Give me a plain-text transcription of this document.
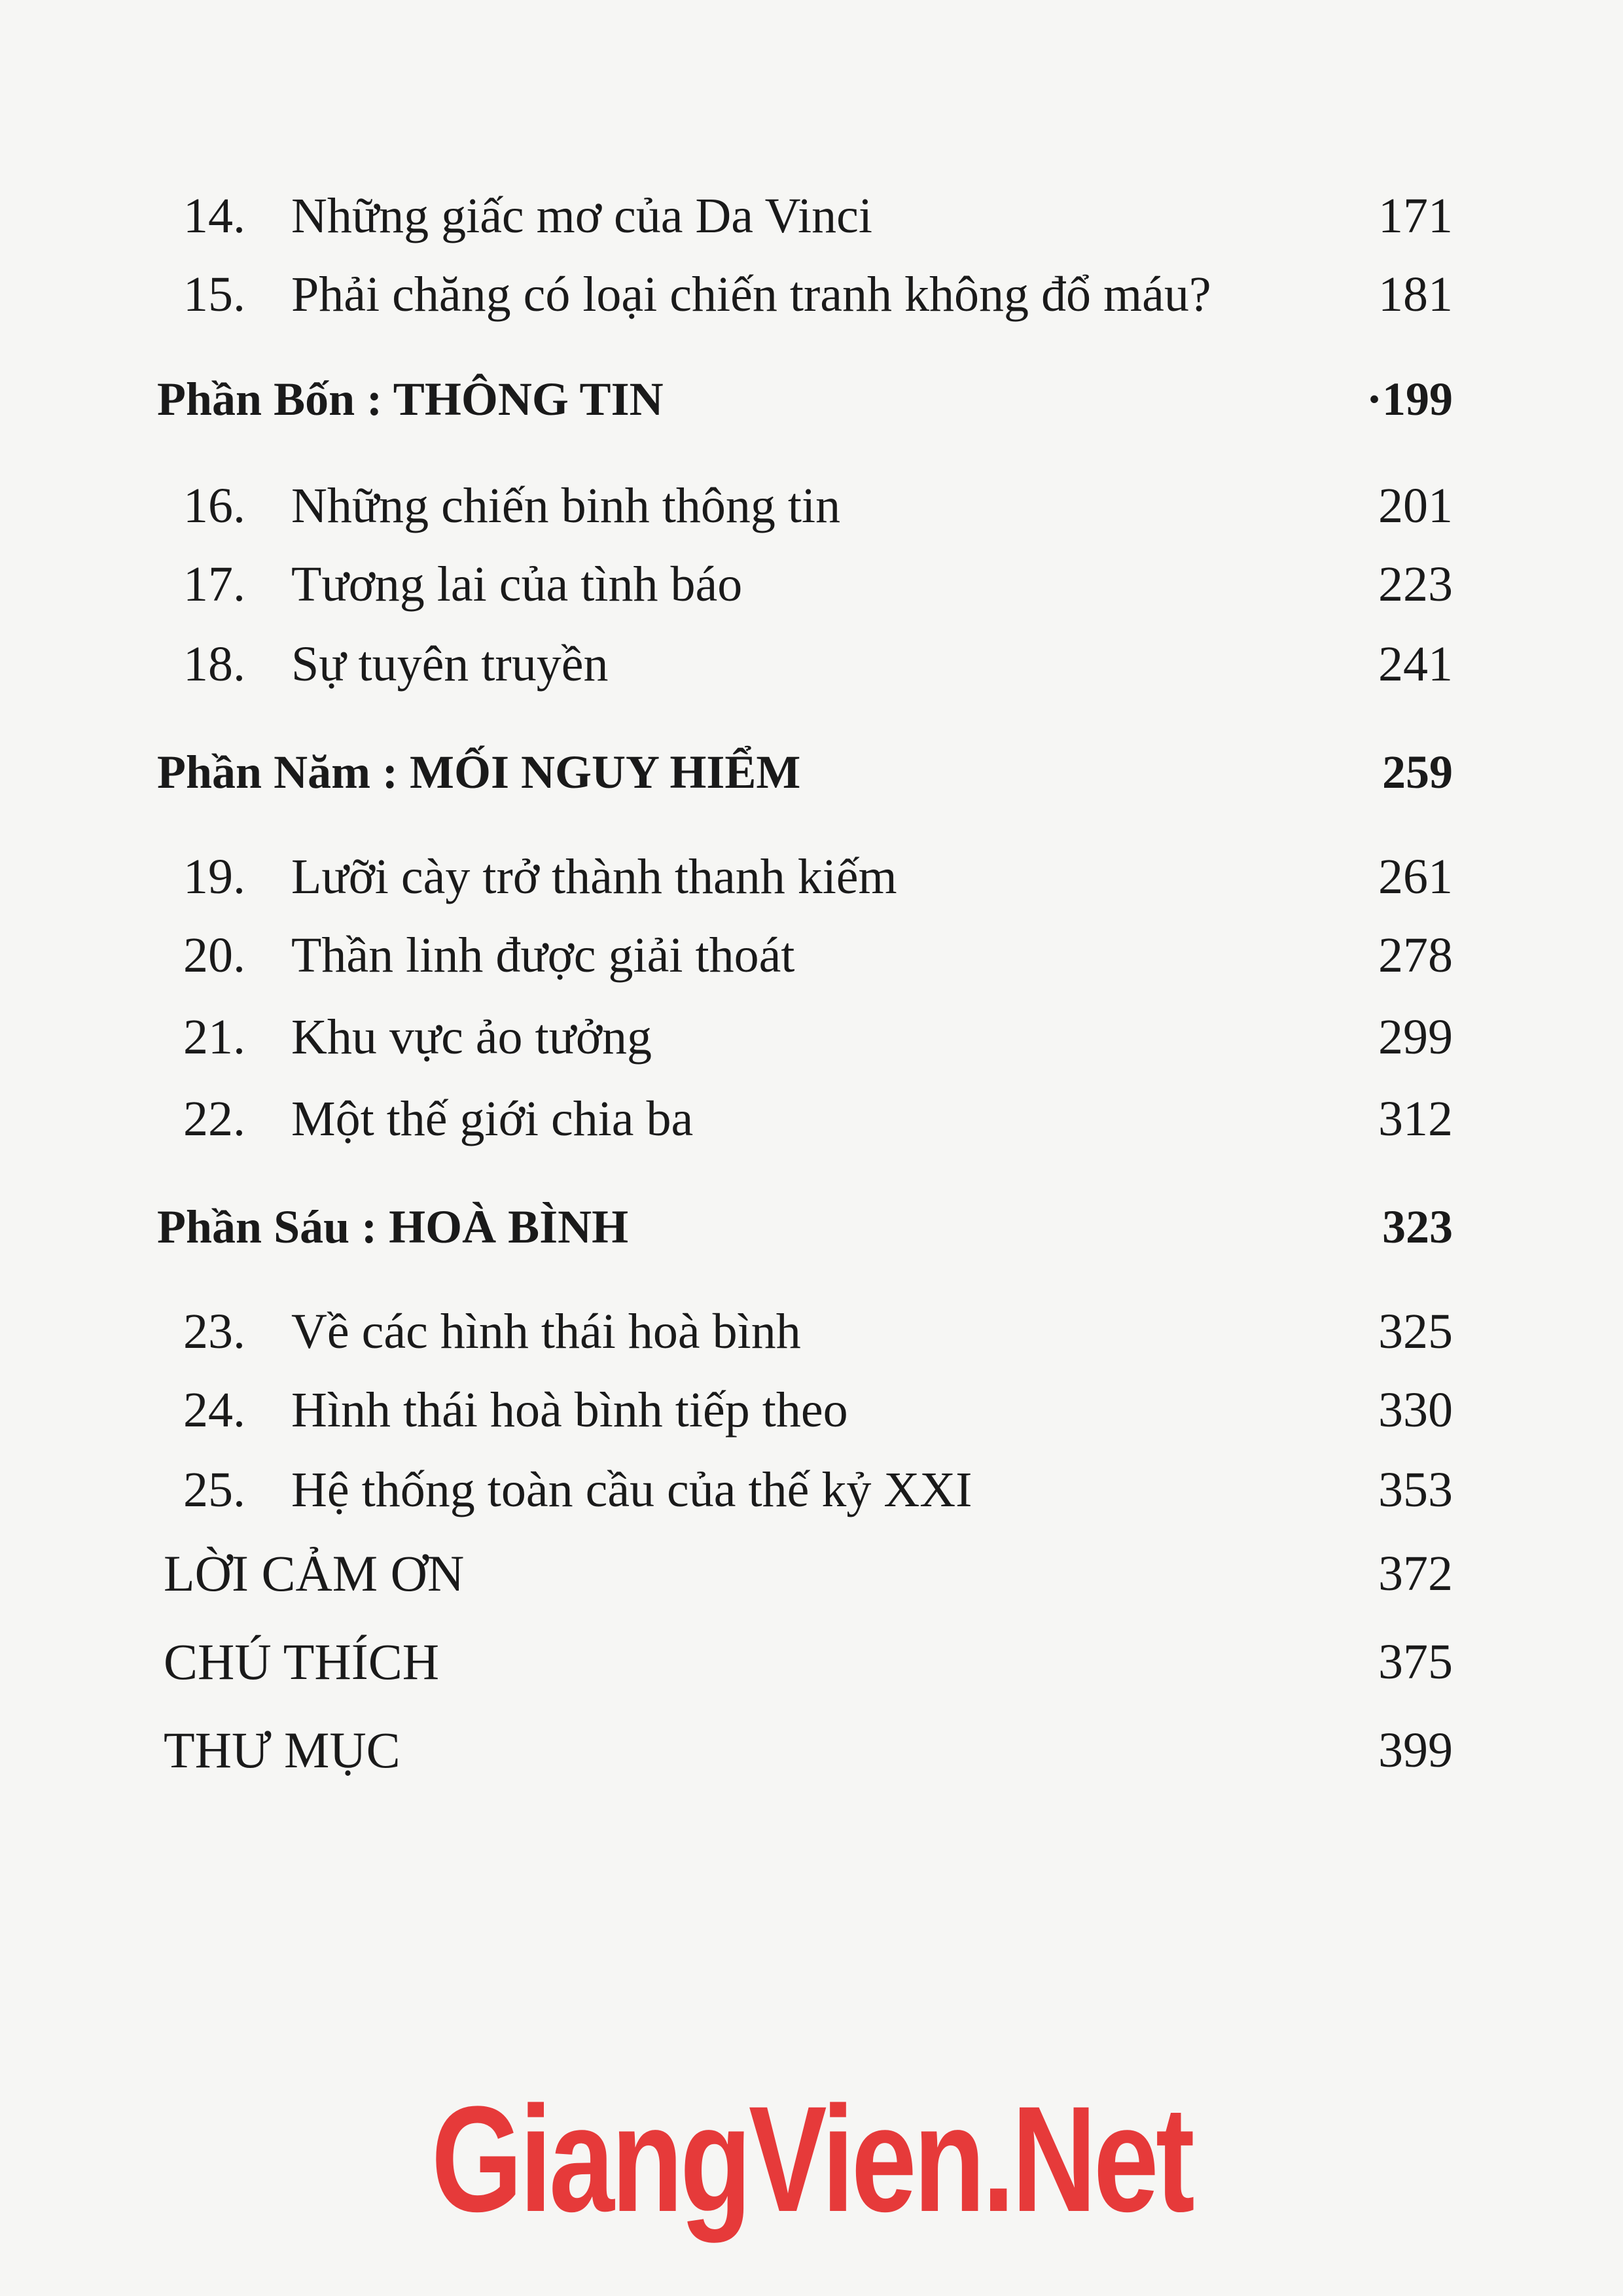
14. Những giấc mơ của Da Vinci	171
15. Phải chăng có loại chiến tranh không đổ máu?	181
Phần Bốn : THÔNG TIN	·199
16. Những chiến binh thông tin	201
17. Tương lai của tình báo	223
18. Sự tuyên truyền	241
Phần Năm : MỐI NGUY HIỂM	259
19. Lưỡi cày trở thành thanh kiếm	261
20. Thần linh được giải thoát	278
21. Khu vực ảo tưởng	299
22. Một thế giới chia ba	312
Phần Sáu : HOÀ BÌNH	323
23. Về các hình thái hoà bình	325
24. Hình thái hoà bình tiếp theo	330
25. Hệ thống toàn cầu của thế kỷ XXI	353
LỜI CẢM ƠN	372
CHÚ THÍCH	375
THƯ MỤC	399
GiangVien.Net
